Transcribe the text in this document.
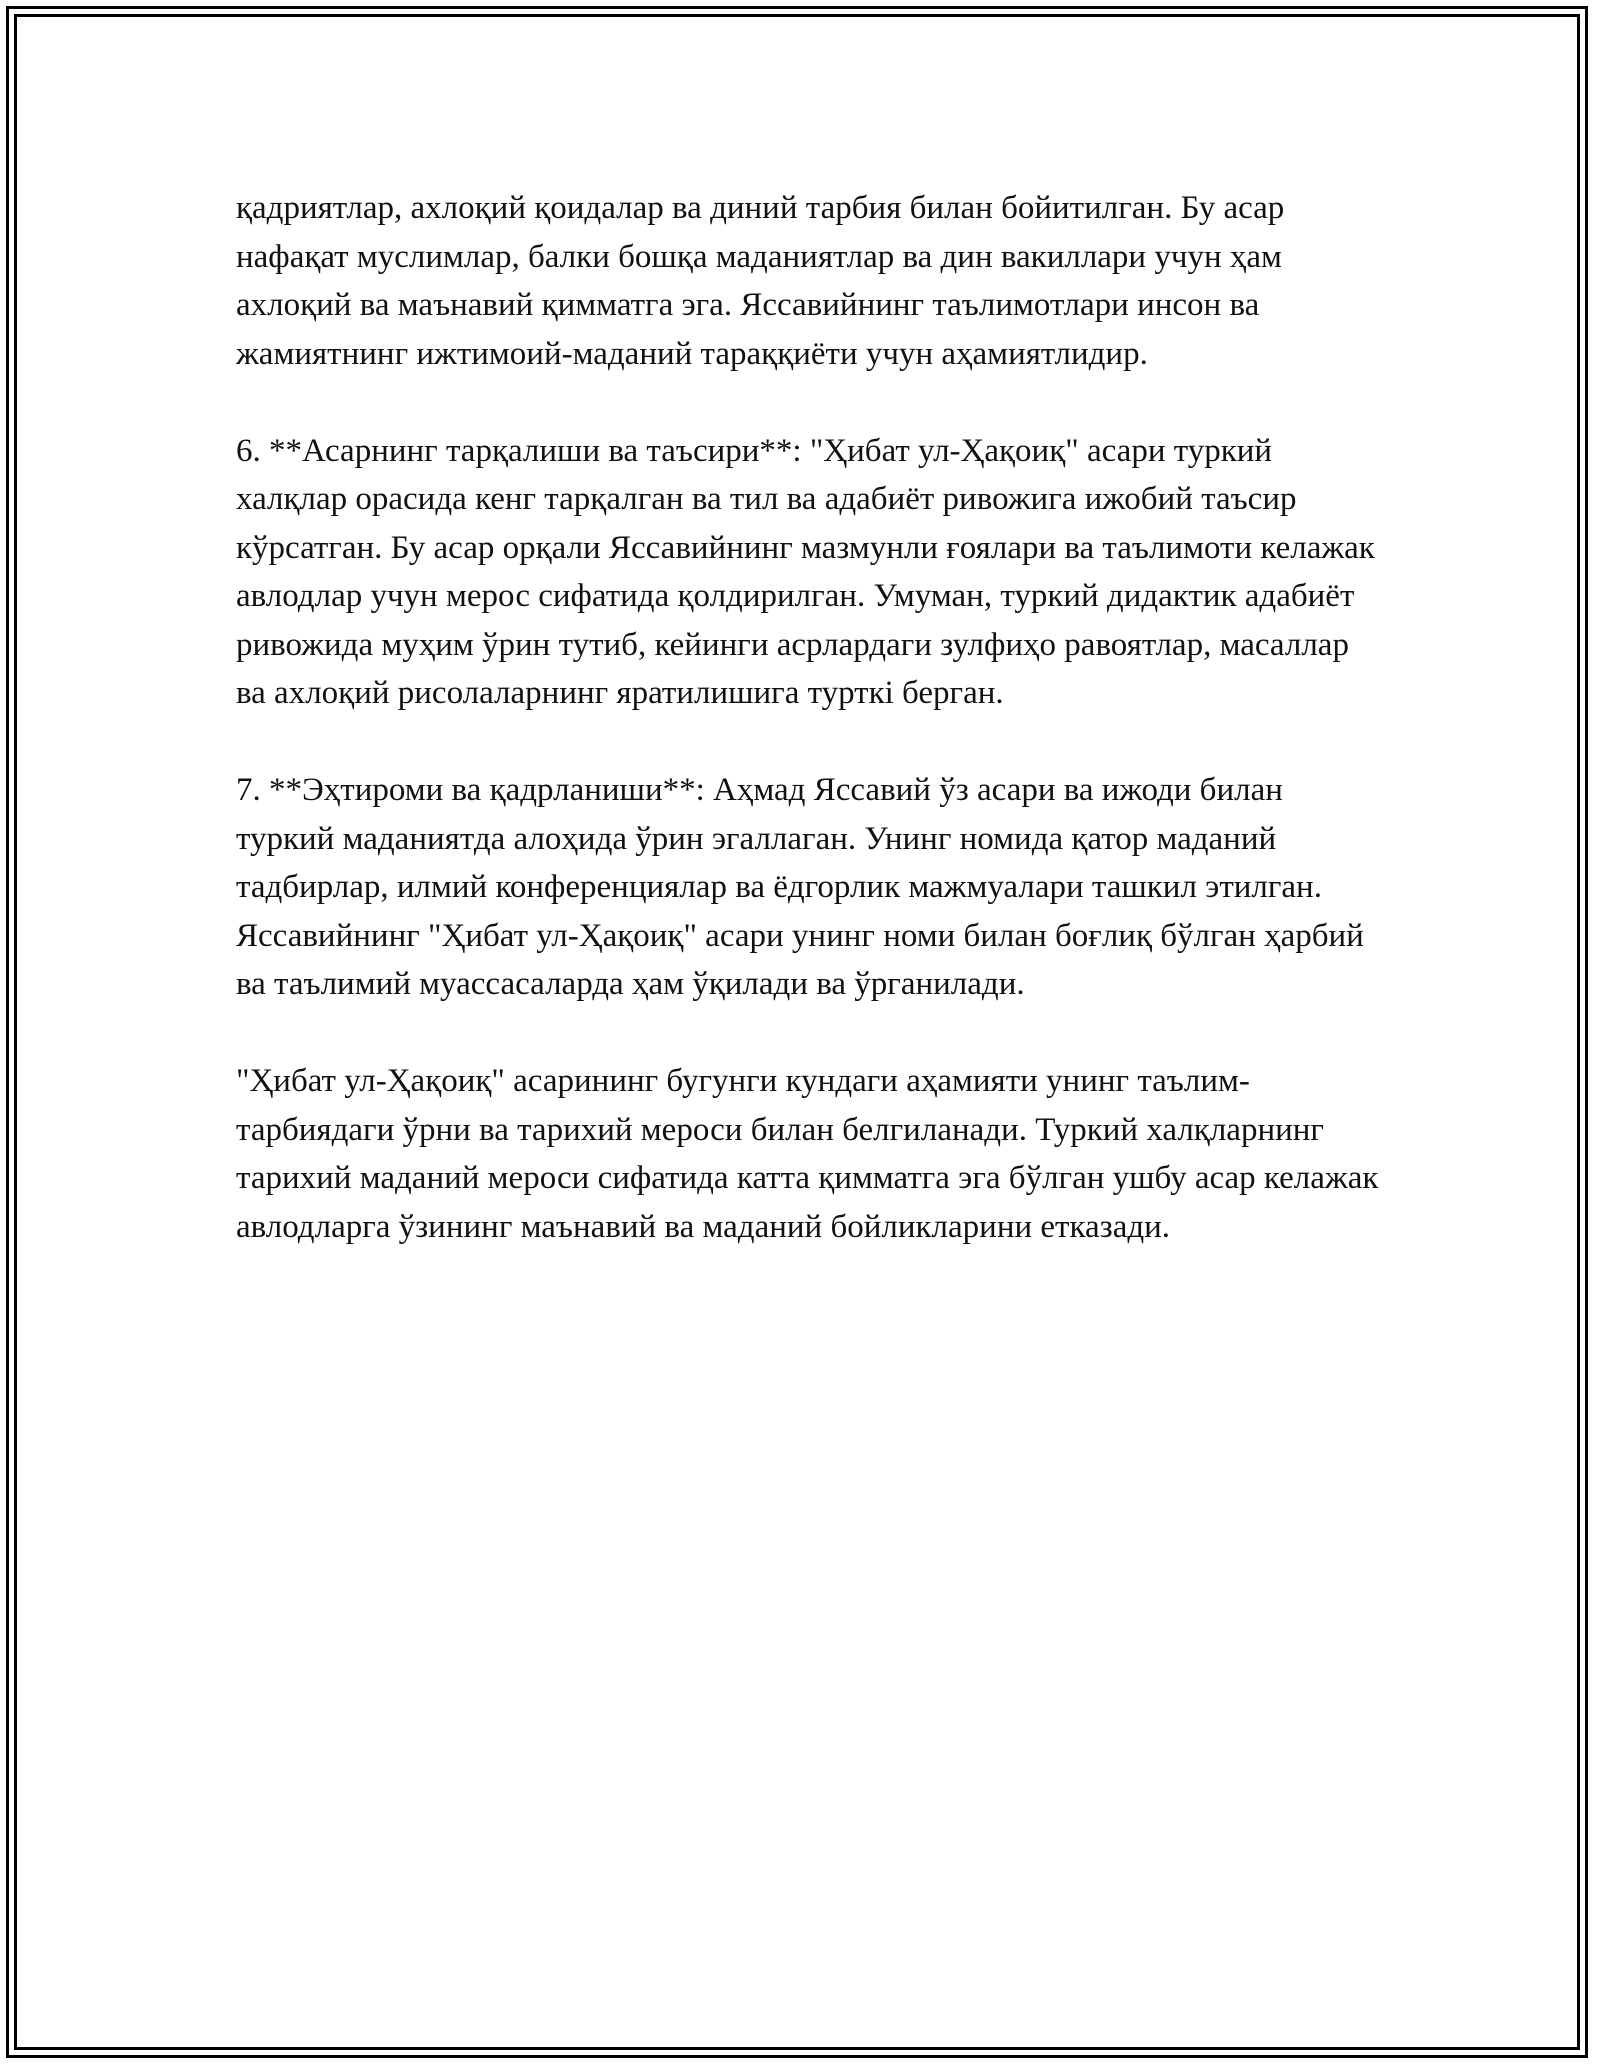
қадриятлар, ахлоқий қоидалар ва диний тарбия билан бойитилган. Бу асар нафақат муслимлар, балки бошқа маданиятлар ва дин вакиллари учун ҳам ахлоқий ва маънавий қимматга эга. Яссавийнинг таълимотлари инсон ва жамиятнинг ижтимоий-маданий тараққиёти учун аҳамиятлидир.

6. **Асарнинг тарқалиши ва таъсири**: "Ҳибат ул-Ҳақоиқ" асари туркий халқлар орасида кенг тарқалган ва тил ва адабиёт ривожига ижобий таъсир кўрсатган. Бу асар орқали Яссавийнинг мазмунли ғоялари ва таълимоти келажак авлодлар учун мерос сифатида қолдирилган. Умуман, туркий дидактик адабиёт ривожида муҳим ўрин тутиб, кейинги асрлардаги зулфиҳо равоятлар, масаллар ва ахлоқий рисолаларнинг яратилишига турткі берган.

7. **Эҳтироми ва қадрланиши**: Аҳмад Яссавий ўз асари ва ижоди билан туркий маданиятда алоҳида ўрин эгаллаган. Унинг номида қатор маданий тадбирлар, илмий конференциялар ва ёдгорлик мажмуалари ташкил этилган. Яссавийнинг "Ҳибат ул-Ҳақоиқ" асари унинг номи билан боғлиқ бўлган ҳарбий ва таълимий муассасаларда ҳам ўқилади ва ўрганилади.

"Ҳибат ул-Ҳақоиқ" асарининг бугунги кундаги аҳамияти унинг таълим-тарбиядаги ўрни ва тарихий мероси билан белгиланади. Туркий халқларнинг тарихий маданий мероси сифатида катта қимматга эга бўлган ушбу асар келажак авлодларга ўзининг маънавий ва маданий бойликларини етказади.
